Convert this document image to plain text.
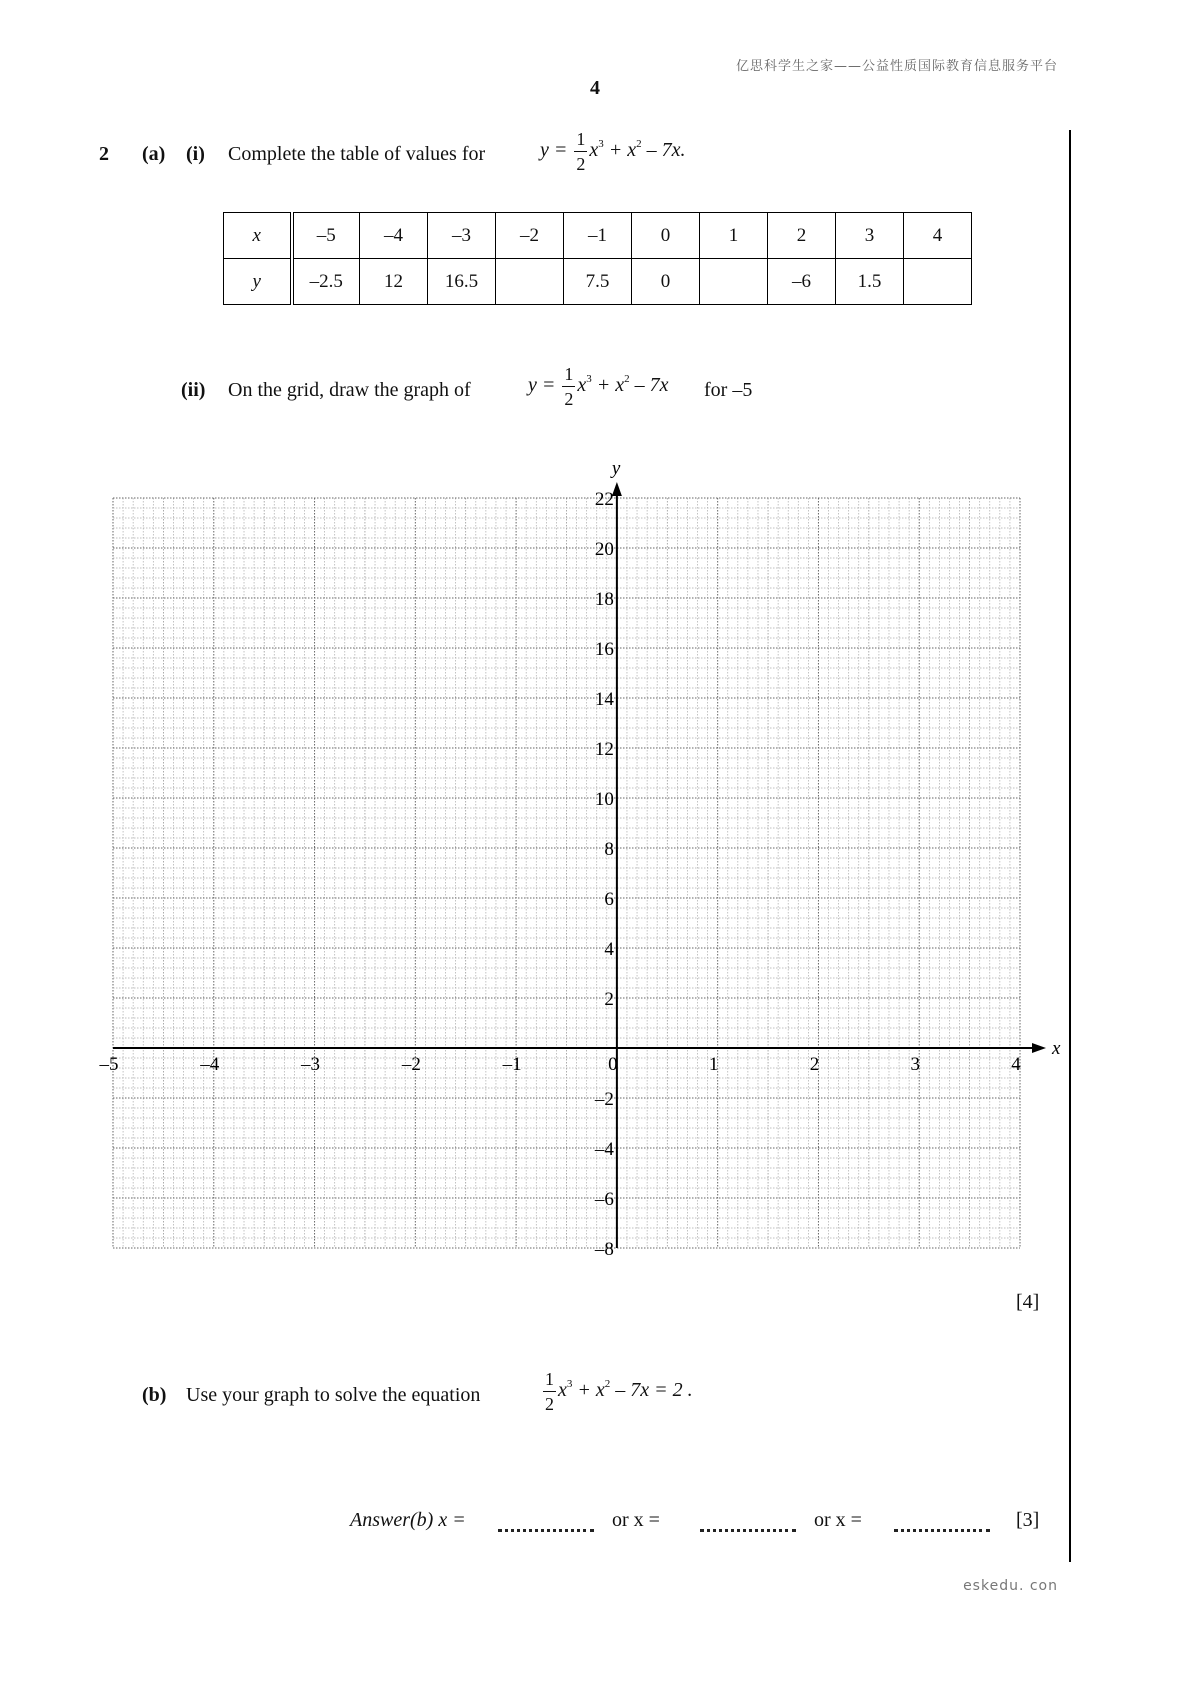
亿思科学生之家——公益性质国际教育信息服务平台
4
2 (a) (i) Complete the table of values for	$y = \frac{1}{2} x^3 + x^2 - 7x$.
x	–5	–4	–3	–2	–1	0	1	2	3	4
y	–2.5	12	16.5		7.5	0		–6	1.5	
(ii) On the grid, draw the graph of	$y = \frac{1}{2} x^3 + x^2 - 7x$ for –5
x
y
–5	–4	–3	–2	–1	0	1	2	3	4
22
20
18
16
14
12
10
8
6
4
2
–2
–4
–6
–8
[4]
(b) Use your graph to solve the equation	$\frac{1}{2} x^3 + x^2 - 7x = 2$ .
Answer(b) x =	or x =	or x =	[3]
eskedu. con
